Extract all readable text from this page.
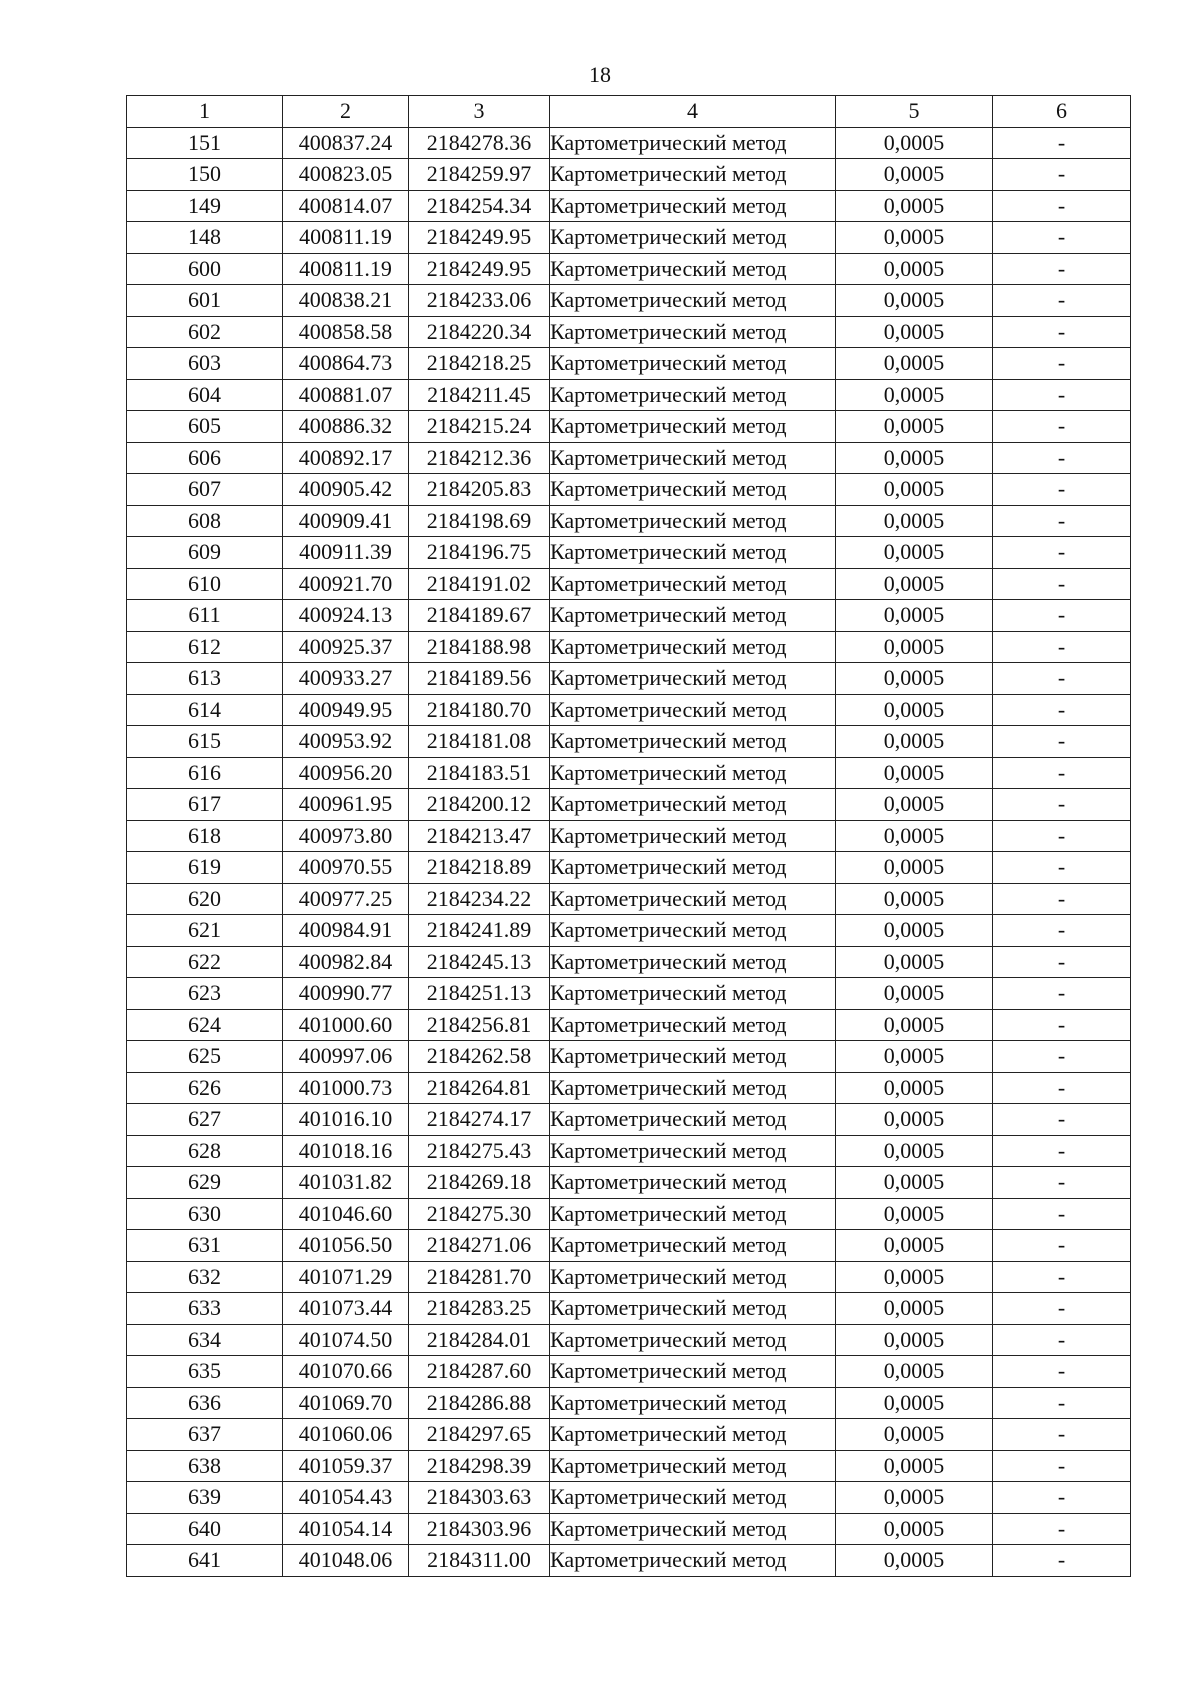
18
1	2	3	4	5	6
151	400837.24	2184278.36	Картометрический метод	0,0005	-
150	400823.05	2184259.97	Картометрический метод	0,0005	-
149	400814.07	2184254.34	Картометрический метод	0,0005	-
148	400811.19	2184249.95	Картометрический метод	0,0005	-
600	400811.19	2184249.95	Картометрический метод	0,0005	-
601	400838.21	2184233.06	Картометрический метод	0,0005	-
602	400858.58	2184220.34	Картометрический метод	0,0005	-
603	400864.73	2184218.25	Картометрический метод	0,0005	-
604	400881.07	2184211.45	Картометрический метод	0,0005	-
605	400886.32	2184215.24	Картометрический метод	0,0005	-
606	400892.17	2184212.36	Картометрический метод	0,0005	-
607	400905.42	2184205.83	Картометрический метод	0,0005	-
608	400909.41	2184198.69	Картометрический метод	0,0005	-
609	400911.39	2184196.75	Картометрический метод	0,0005	-
610	400921.70	2184191.02	Картометрический метод	0,0005	-
611	400924.13	2184189.67	Картометрический метод	0,0005	-
612	400925.37	2184188.98	Картометрический метод	0,0005	-
613	400933.27	2184189.56	Картометрический метод	0,0005	-
614	400949.95	2184180.70	Картометрический метод	0,0005	-
615	400953.92	2184181.08	Картометрический метод	0,0005	-
616	400956.20	2184183.51	Картометрический метод	0,0005	-
617	400961.95	2184200.12	Картометрический метод	0,0005	-
618	400973.80	2184213.47	Картометрический метод	0,0005	-
619	400970.55	2184218.89	Картометрический метод	0,0005	-
620	400977.25	2184234.22	Картометрический метод	0,0005	-
621	400984.91	2184241.89	Картометрический метод	0,0005	-
622	400982.84	2184245.13	Картометрический метод	0,0005	-
623	400990.77	2184251.13	Картометрический метод	0,0005	-
624	401000.60	2184256.81	Картометрический метод	0,0005	-
625	400997.06	2184262.58	Картометрический метод	0,0005	-
626	401000.73	2184264.81	Картометрический метод	0,0005	-
627	401016.10	2184274.17	Картометрический метод	0,0005	-
628	401018.16	2184275.43	Картометрический метод	0,0005	-
629	401031.82	2184269.18	Картометрический метод	0,0005	-
630	401046.60	2184275.30	Картометрический метод	0,0005	-
631	401056.50	2184271.06	Картометрический метод	0,0005	-
632	401071.29	2184281.70	Картометрический метод	0,0005	-
633	401073.44	2184283.25	Картометрический метод	0,0005	-
634	401074.50	2184284.01	Картометрический метод	0,0005	-
635	401070.66	2184287.60	Картометрический метод	0,0005	-
636	401069.70	2184286.88	Картометрический метод	0,0005	-
637	401060.06	2184297.65	Картометрический метод	0,0005	-
638	401059.37	2184298.39	Картометрический метод	0,0005	-
639	401054.43	2184303.63	Картометрический метод	0,0005	-
640	401054.14	2184303.96	Картометрический метод	0,0005	-
641	401048.06	2184311.00	Картометрический метод	0,0005	-
